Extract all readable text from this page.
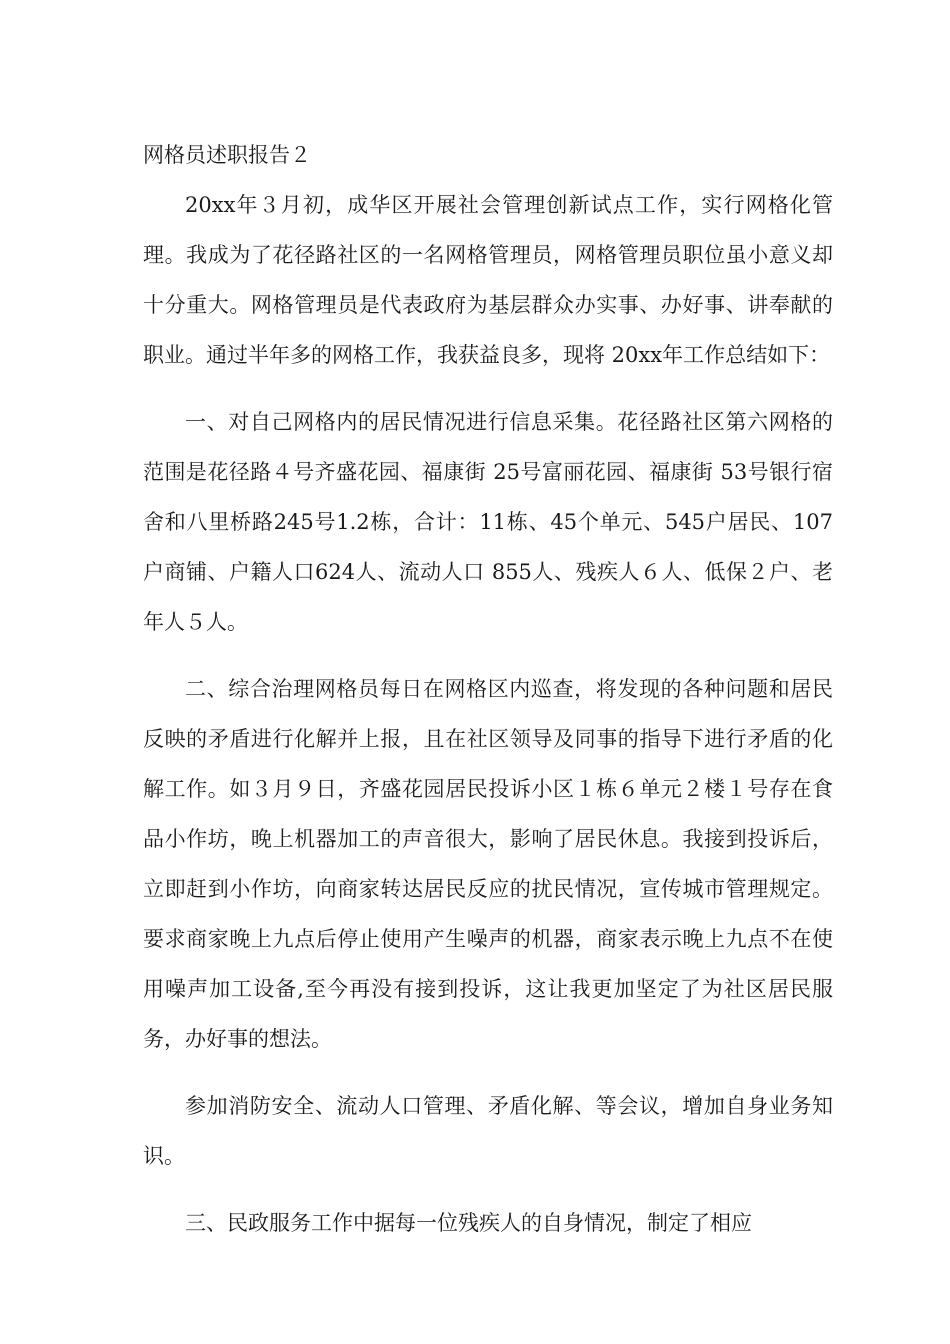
网格员述职报告２

20xx年３月初，成华区开展社会管理创新试点工作，实行网格化管理。我成为了花径路社区的一名网格管理员，网格管理员职位虽小意义却十分重大。网格管理员是代表政府为基层群众办实事、办好事、讲奉献的职业。通过半年多的网格工作，我获益良多，现将 20xx年工作总结如下：

一、对自己网格内的居民情况进行信息采集。花径路社区第六网格的范围是花径路４号齐盛花园、福康街 25号富丽花园、福康街 53号银行宿舍和八里桥路245号1.2栋，合计：11栋、45个单元、545户居民、107户商铺、户籍人口624人、流动人口 855人、残疾人６人、低保２户、老年人５人。

二、综合治理网格员每日在网格区内巡查，将发现的各种问题和居民反映的矛盾进行化解并上报，且在社区领导及同事的指导下进行矛盾的化解工作。如３月９日，齐盛花园居民投诉小区１栋６单元２楼１号存在食品小作坊，晚上机器加工的声音很大，影响了居民休息。我接到投诉后，立即赶到小作坊，向商家转达居民反应的扰民情况，宣传城市管理规定。要求商家晚上九点后停止使用产生噪声的机器，商家表示晚上九点不在使用噪声加工设备,至今再没有接到投诉，这让我更加坚定了为社区居民服务，办好事的想法。

参加消防安全、流动人口管理、矛盾化解、等会议，增加自身业务知识。

三、民政服务工作中据每一位残疾人的自身情况，制定了相应
